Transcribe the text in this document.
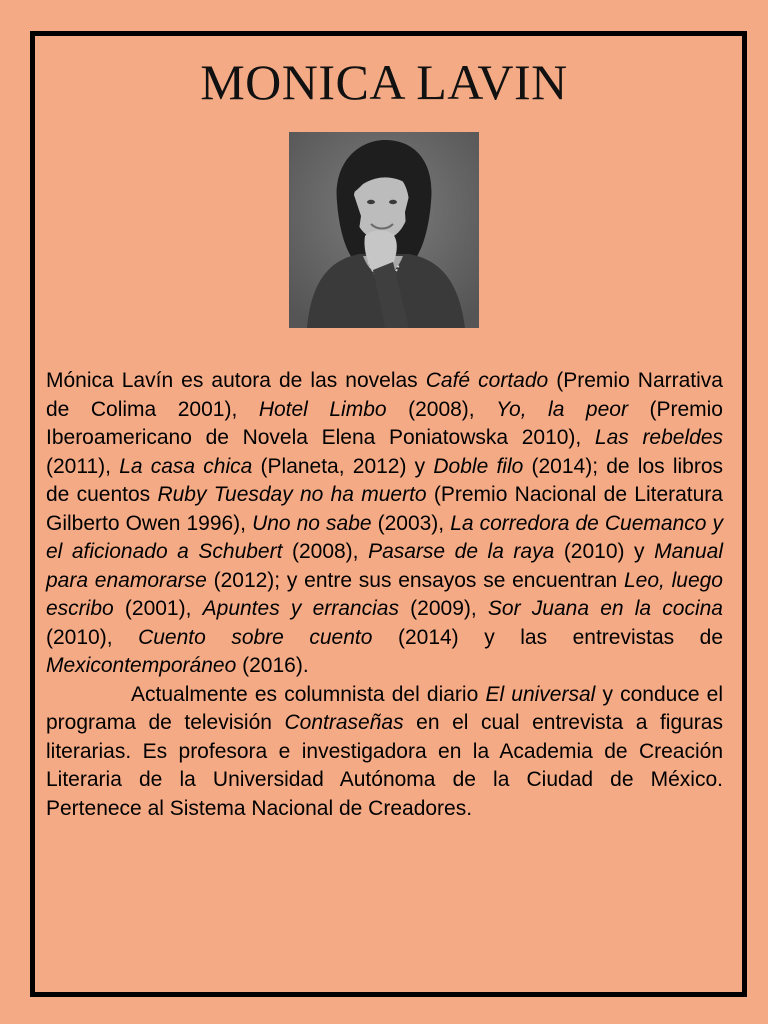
MONICA LAVIN

Mónica Lavín es autora de las novelas Café cortado (Premio Narrativa de Colima 2001), Hotel Limbo (2008), Yo, la peor (Premio Iberoamericano de Novela Elena Poniatowska 2010), Las rebeldes (2011), La casa chica (Planeta, 2012) y Doble filo (2014); de los libros de cuentos Ruby Tuesday no ha muerto (Premio Nacional de Literatura Gilberto Owen 1996), Uno no sabe (2003), La corredora de Cuemanco y el aficionado a Schubert (2008), Pasarse de la raya (2010) y Manual para enamorarse (2012); y entre sus ensayos se encuentran Leo, luego escribo (2001), Apuntes y errancias (2009), Sor Juana en la cocina (2010), Cuento sobre cuento (2014) y las entrevistas de Mexicontemporáneo (2016).

Actualmente es columnista del diario El universal y conduce el programa de televisión Contraseñas en el cual entrevista a figuras literarias. Es profesora e investigadora en la Academia de Creación Literaria de la Universidad Autónoma de la Ciudad de México. Pertenece al Sistema Nacional de Creadores.
